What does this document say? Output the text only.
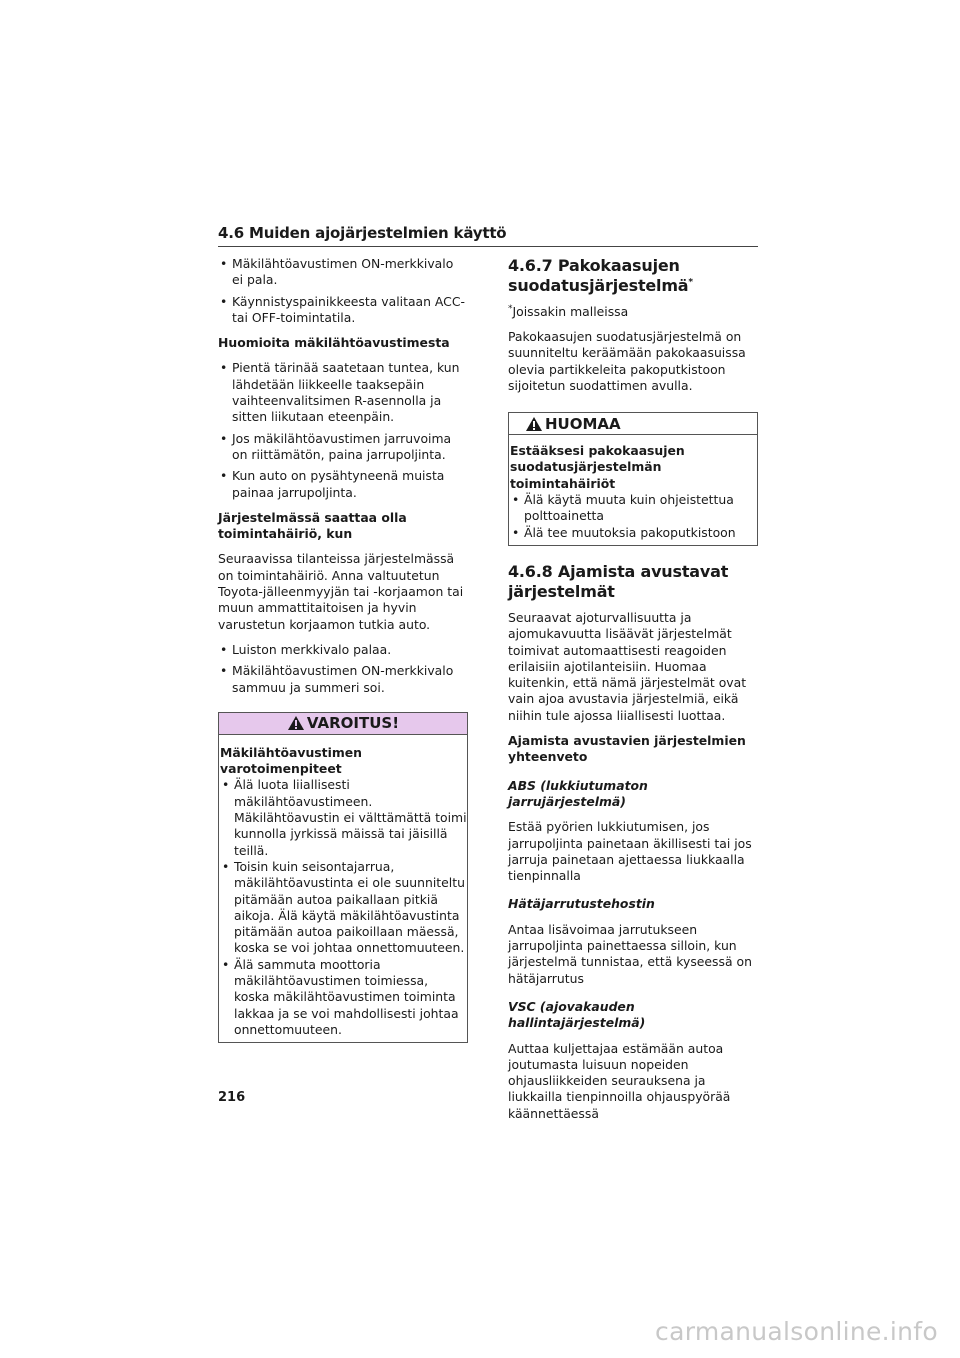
4.6 Muiden ajojärjestelmien käyttö
• Mäkilähtöavustimen ON-merkkivalo ei pala.
• Käynnistyspainikkeesta valitaan ACC- tai OFF-toimintatila.

Huomioita mäkilähtöavustimesta

• Pientä tärinää saatetaan tuntea, kun lähdetään liikkeelle taaksepäin vaihteenvalitsimen R-asennolla ja sitten liikutaan eteenpäin.
• Jos mäkilähtöavustimen jarruvoima on riittämätön, paina jarrupoljinta.
• Kun auto on pysähtyneenä muista painaa jarrupoljinta.

Järjestelmässä saattaa olla toimintahäiriö, kun

Seuraavissa tilanteissa järjestelmässä on toimintahäiriö. Anna valtuutetun Toyota-jälleenmyyjän tai -korjaamon tai muun ammattitaitoisen ja hyvin varustetun korjaamon tutkia auto.

• Luiston merkkivalo palaa.
• Mäkilähtöavustimen ON-merkkivalo sammuu ja summeri soi.
VAROITUS!

Mäkilähtöavustimen varotoimenpiteet

• Älä luota liiallisesti mäkilähtöavustimeen. Mäkilähtöavustin ei välttämättä toimi kunnolla jyrkissä mäissä tai jäisillä teillä.
• Toisin kuin seisontajarrua, mäkilähtöavustinta ei ole suunniteltu pitämään autoa paikallaan pitkiä aikoja. Älä käytä mäkilähtöavustinta pitämään autoa paikoillaan mäessä, koska se voi johtaa onnettomuuteen.
• Älä sammuta moottoria mäkilähtöavustimen toimiessa, koska mäkilähtöavustimen toiminta lakkaa ja se voi mahdollisesti johtaa onnettomuuteen.
4.6.7 Pakokaasujen suodatusjärjestelmä*
*Joissakin malleissa

Pakokaasujen suodatusjärjestelmä on suunniteltu keräämään pakokaasuissa olevia partikkeleita pakoputkistoon sijoitetun suodattimen avulla.

HUOMAA

Estääksesi pakokaasujen suodatusjärjestelmän toimintahäiriöt

• Älä käytä muuta kuin ohjeistettua polttoainetta
• Älä tee muutoksia pakoputkistoon
4.6.8 Ajamista avustavat järjestelmät

Seuraavat ajoturvallisuutta ja ajomukavuutta lisäävät järjestelmät toimivat automaattisesti reagoiden erilaisiin ajotilanteisiin. Huomaa kuitenkin, että nämä järjestelmät ovat vain ajoa avustavia järjestelmiä, eikä niihin tule ajossa liiallisesti luottaa.

Ajamista avustavien järjestelmien yhteenveto

ABS (lukkiutumaton jarrujärjestelmä)

Estää pyörien lukkiutumisen, jos jarrupoljinta painetaan äkillisesti tai jos jarruja painetaan ajettaessa liukkaalla tienpinnalla

Hätäjarrutustehostin

Antaa lisävoimaa jarrutukseen jarrupoljinta painettaessa silloin, kun järjestelmä tunnistaa, että kyseessä on hätäjarrutus

VSC (ajovakauden hallintajärjestelmä)

Auttaa kuljettajaa estämään autoa joutumasta luisuun nopeiden ohjausliikkeiden seurauksena ja liukkailla tienpinnoilla ohjauspyörää käännettäessä

216
carmanualsonline.info
